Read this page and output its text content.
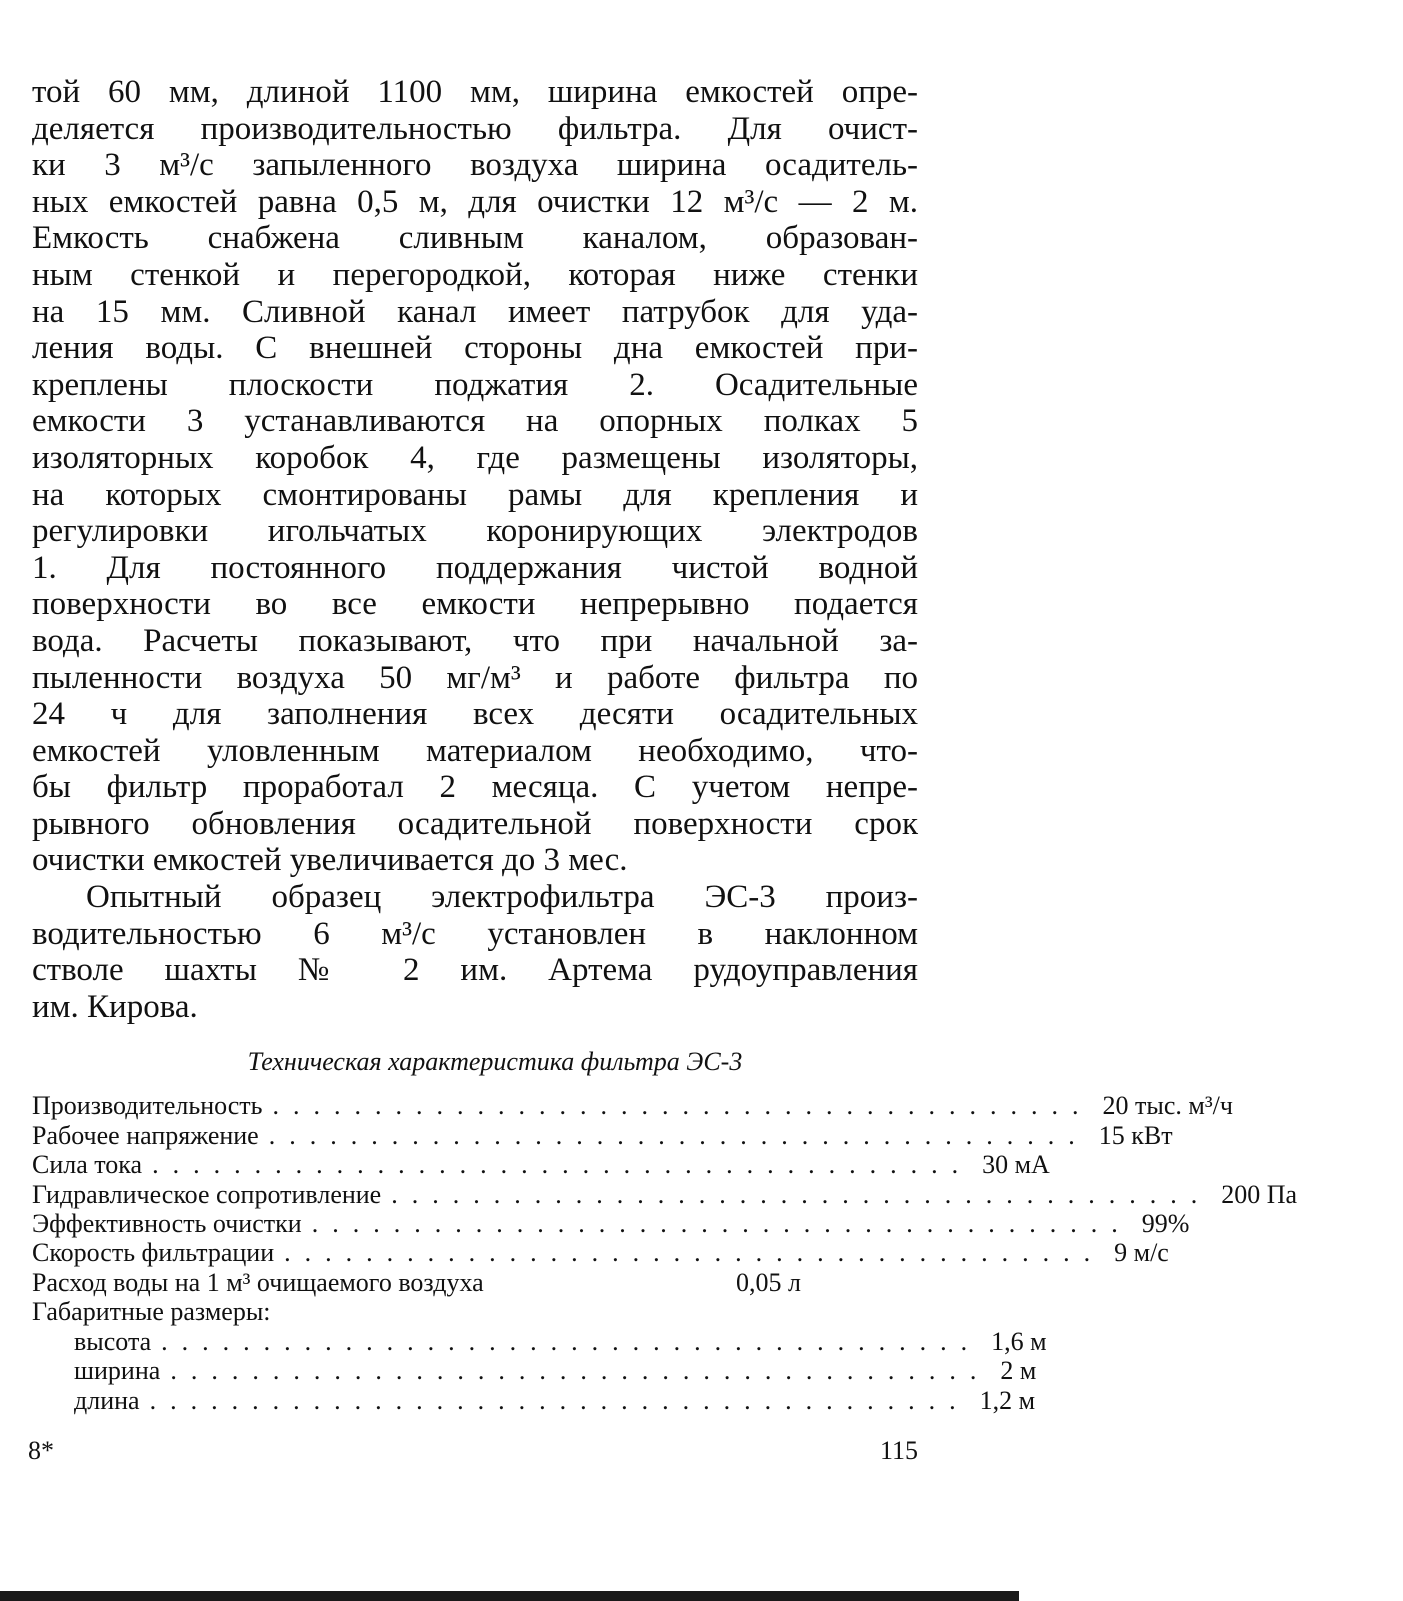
той 60 мм, длиной 1100 мм, ширина емкостей опре-
деляется производительностью фильтра. Для очист-
ки 3 м³/с запыленного воздуха ширина осадитель-
ных емкостей равна 0,5 м, для очистки 12 м³/с — 2 м.
Емкость снабжена сливным каналом, образован-
ным стенкой и перегородкой, которая ниже стенки
на 15 мм. Сливной канал имеет патрубок для уда-
ления воды. С внешней стороны дна емкостей при-
креплены плоскости поджатия 2. Осадительные
емкости 3 устанавливаются на опорных полках 5
изоляторных коробок 4, где размещены изоляторы,
на которых смонтированы рамы для крепления и
регулировки игольчатых коронирующих электродов
1. Для постоянного поддержания чистой водной
поверхности во все емкости непрерывно подается
вода. Расчеты показывают, что при начальной за-
пыленности воздуха 50 мг/м³ и работе фильтра по
24 ч для заполнения всех десяти осадительных
емкостей уловленным материалом необходимо, что-
бы фильтр проработал 2 месяца. С учетом непре-
рывного обновления осадительной поверхности срок
очистки емкостей увеличивается до 3 мес.
Опытный образец электрофильтра ЭС-3 произ-
водительностью 6 м³/с установлен в наклонном
стволе шахты № 2 им. Артема рудоуправления
им. Кирова.
Техническая характеристика фильтра ЭС-3
Производительность ........................................ 20 тыс. м³/ч
Рабочее напряжение ........................................ 15 кВт
Сила тока ........................................ 30 мА
Гидравлическое сопротивление ........................................ 200 Па
Эффективность очистки ........................................ 99%
Скорость фильтрации ........................................ 9 м/с
Расход воды на 1 м³ очищаемого воздуха	0,05 л
Габаритные размеры:
высота ........................................ 1,6 м
ширина ........................................ 2 м
длина ........................................ 1,2 м
8*	115
